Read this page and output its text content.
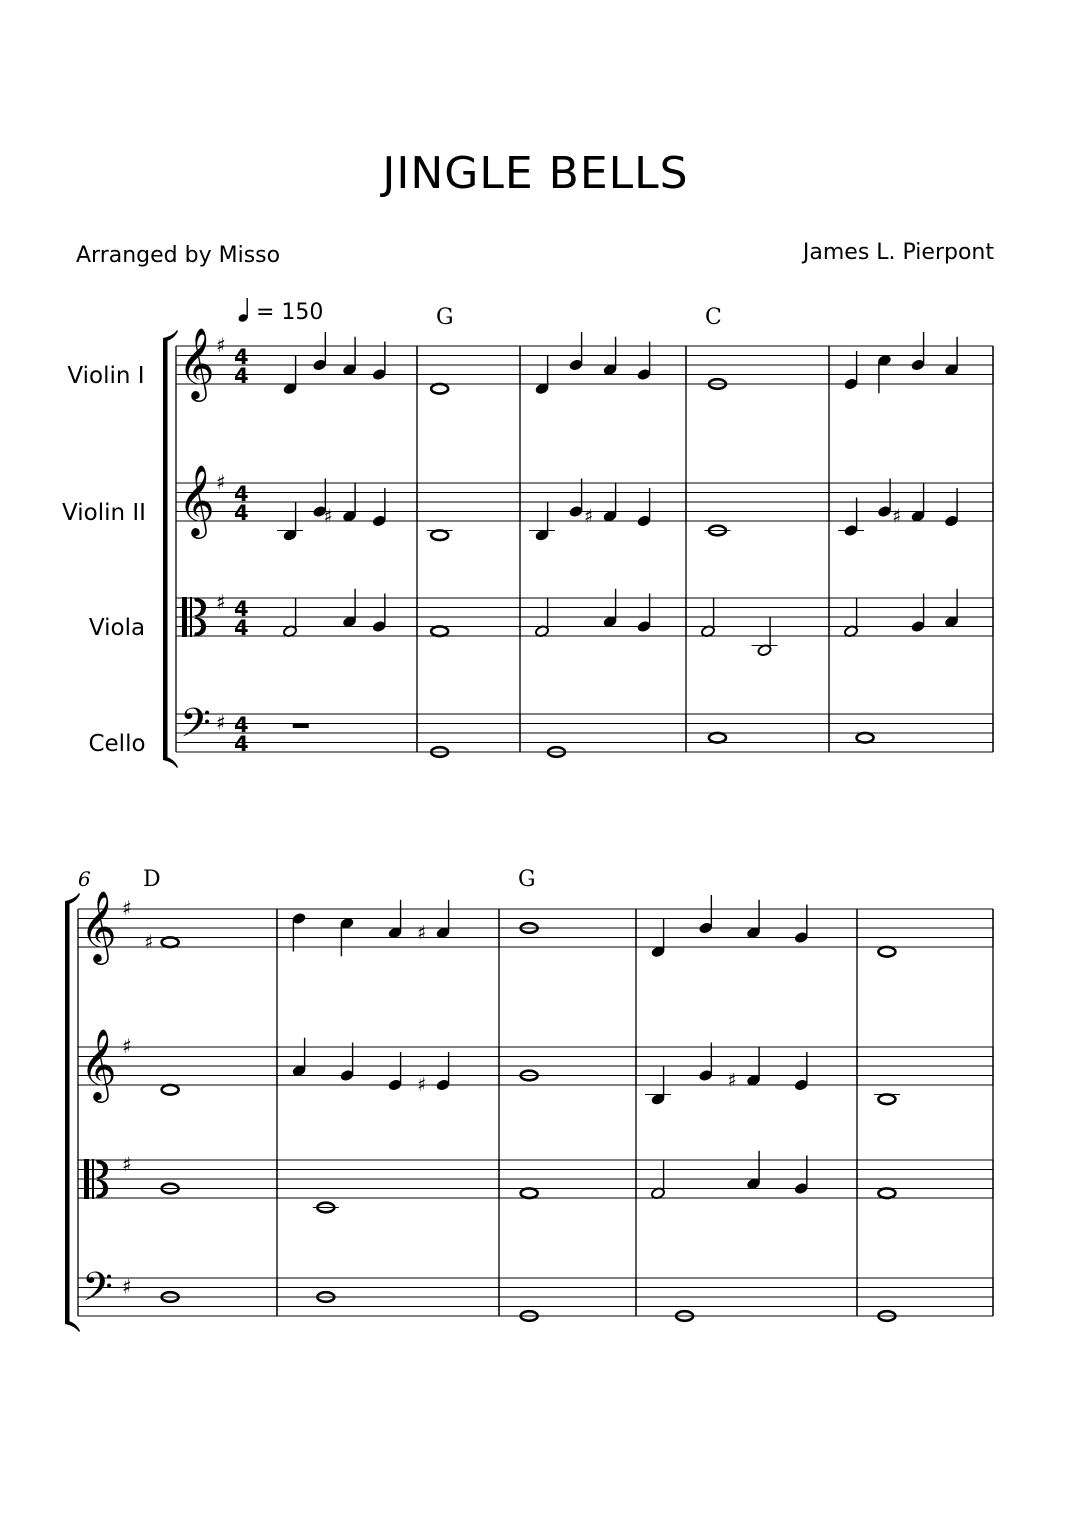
JINGLE BELLS
Arranged by Misso	James L. Pierpont
= 150
𝄞 ♯ 4
4
𝄞 ♯ 4
4
♯ 4
4
𝄢 ♯ 4
4
Violin I
Violin II
Viola
Cello
G	C
♯	♯	♯
𝄞 ♯
𝄞 ♯
♯
𝄢 ♯
6 D	G
♯	♯
♯	♯
